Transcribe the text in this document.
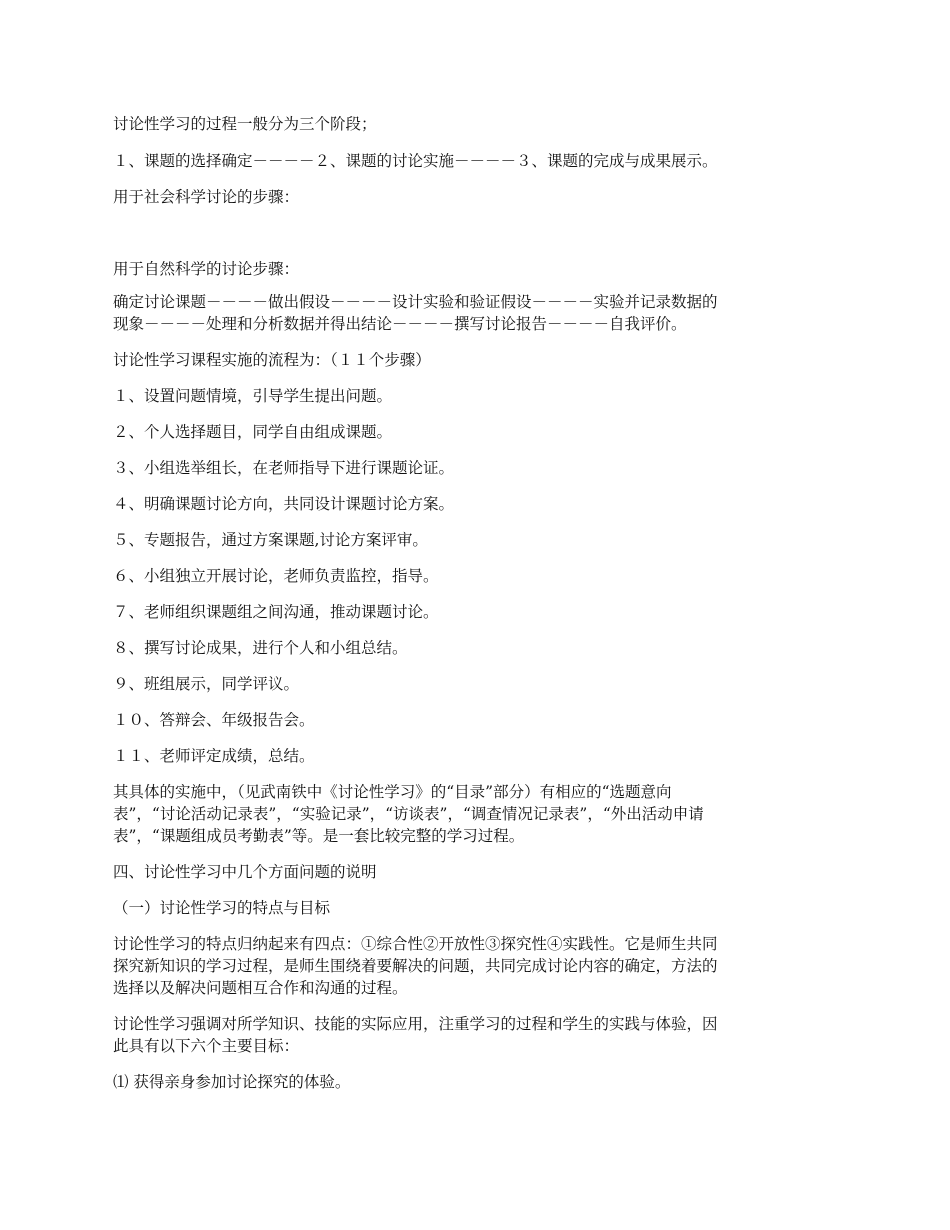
讨论性学习的过程一般分为三个阶段；

１、课题的选择确定－－－－２、课题的讨论实施－－－－３、课题的完成与成果展示。

用于社会科学讨论的步骤：

用于自然科学的讨论步骤：

确定讨论课题－－－－做出假设－－－－设计实验和验证假设－－－－实验并记录数据的

现象－－－－处理和分析数据并得出结论－－－－撰写讨论报告－－－－自我评价。

讨论性学习课程实施的流程为：（１１个步骤）

１、设置问题情境，引导学生提出问题。

２、个人选择题目，同学自由组成课题。

３、小组选举组长，在老师指导下进行课题论证。

４、明确课题讨论方向，共同设计课题讨论方案。

５、专题报告，通过方案课题,讨论方案评审。

６、小组独立开展讨论，老师负责监控，指导。

７、老师组织课题组之间沟通，推动课题讨论。

８、撰写讨论成果，进行个人和小组总结。

９、班组展示，同学评议。

１０、答辩会、年级报告会。

１１、老师评定成绩，总结。

其具体的实施中，（见武南铁中《讨论性学习》的“目录”部分）有相应的“选题意向

表”，“讨论活动记录表”，“实验记录”，“访谈表”，“调查情况记录表”，“外出活动申请

表”，“课题组成员考勤表”等。是一套比较完整的学习过程。

四、讨论性学习中几个方面问题的说明

（一）讨论性学习的特点与目标

讨论性学习的特点归纳起来有四点：①综合性②开放性③探究性④实践性。它是师生共同

探究新知识的学习过程，是师生围绕着要解决的问题，共同完成讨论内容的确定，方法的

选择以及解决问题相互合作和沟通的过程。

讨论性学习强调对所学知识、技能的实际应用，注重学习的过程和学生的实践与体验，因

此具有以下六个主要目标：

⑴ 获得亲身参加讨论探究的体验。
